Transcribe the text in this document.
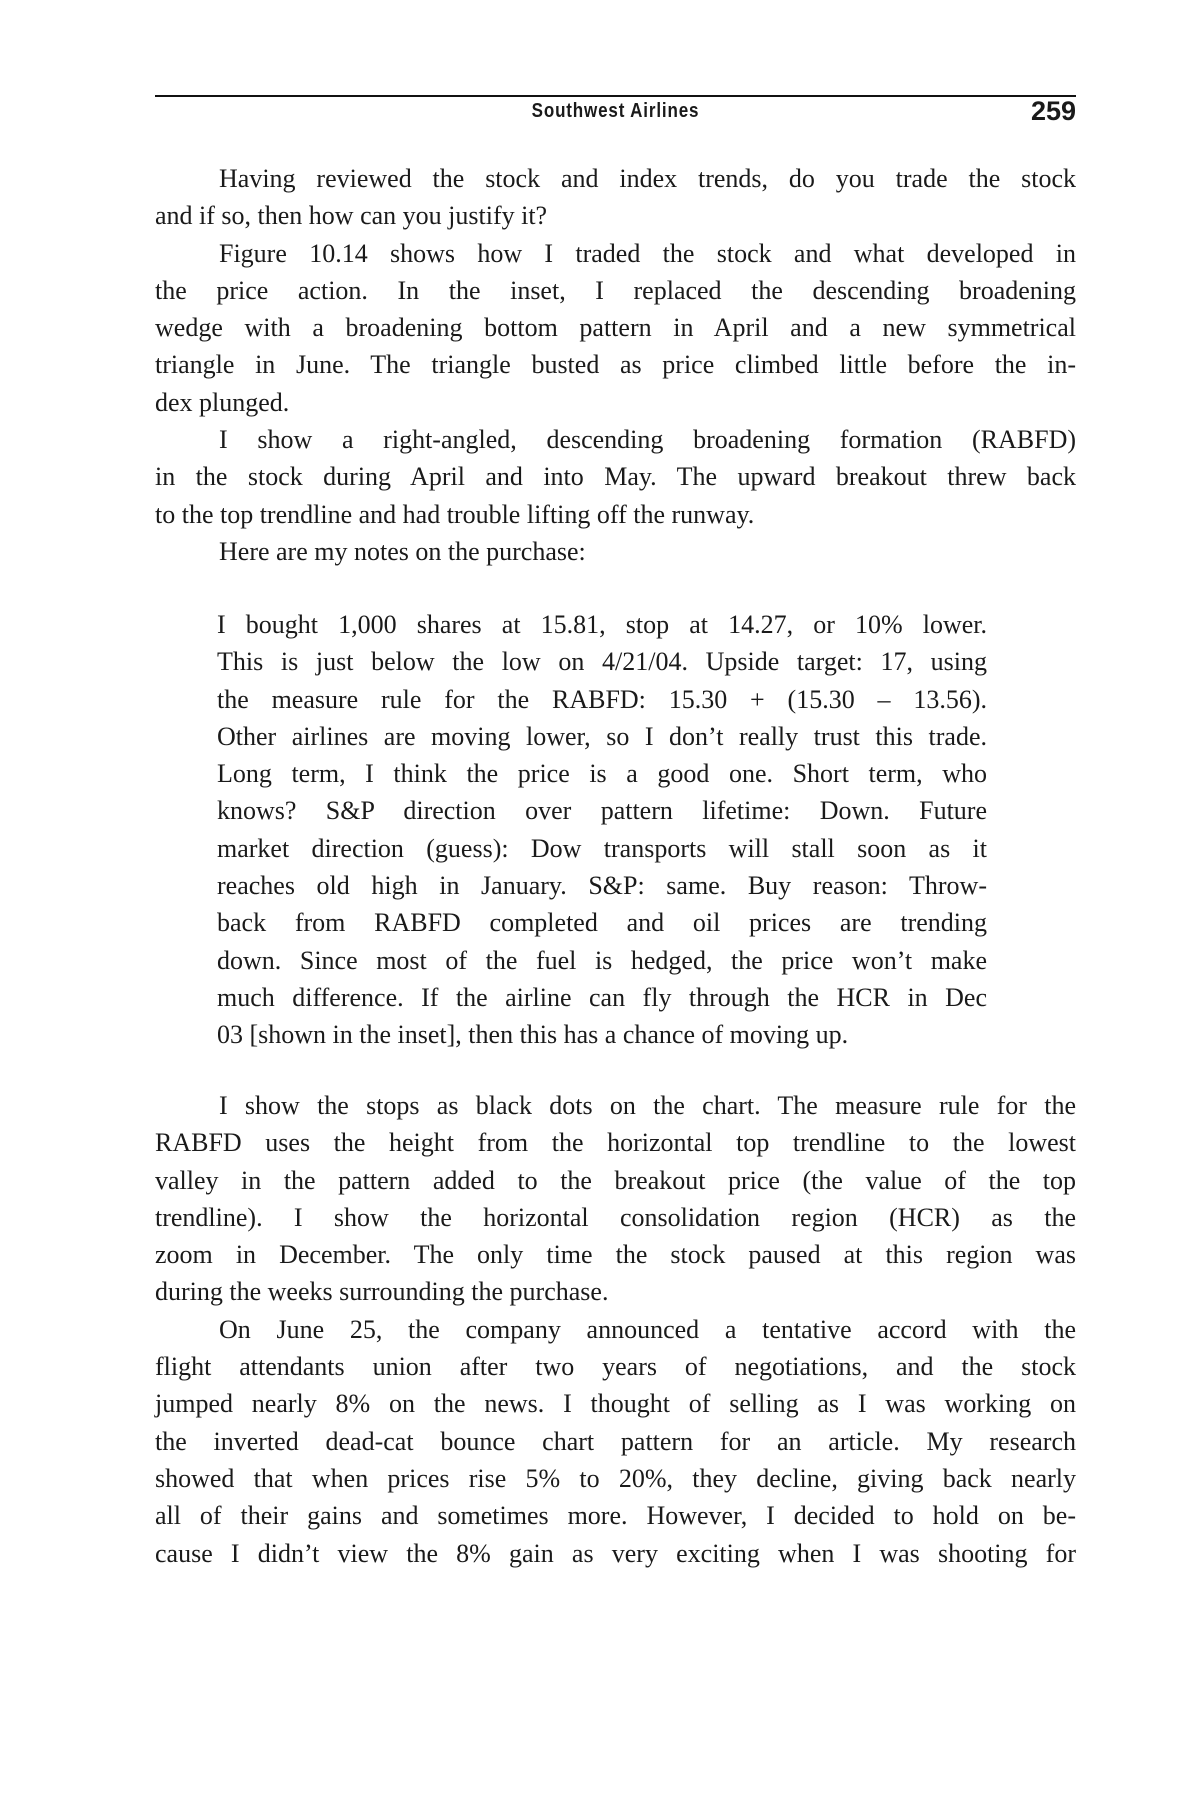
Southwest Airlines	259
Having reviewed the stock and index trends, do you trade the stock
and if so, then how can you justify it?
Figure 10.14 shows how I traded the stock and what developed in
the price action. In the inset, I replaced the descending broadening
wedge with a broadening bottom pattern in April and a new symmetrical
triangle in June. The triangle busted as price climbed little before the in-
dex plunged.
I show a right-angled, descending broadening formation (RABFD)
in the stock during April and into May. The upward breakout threw back
to the top trendline and had trouble lifting off the runway.
Here are my notes on the purchase:
I bought 1,000 shares at 15.81, stop at 14.27, or 10% lower.
This is just below the low on 4/21/04. Upside target: 17, using
the measure rule for the RABFD: 15.30 + (15.30 – 13.56).
Other airlines are moving lower, so I don’t really trust this trade.
Long term, I think the price is a good one. Short term, who
knows? S&P direction over pattern lifetime: Down. Future
market direction (guess): Dow transports will stall soon as it
reaches old high in January. S&P: same. Buy reason: Throw-
back from RABFD completed and oil prices are trending
down. Since most of the fuel is hedged, the price won’t make
much difference. If the airline can fly through the HCR in Dec
03 [shown in the inset], then this has a chance of moving up.
I show the stops as black dots on the chart. The measure rule for the
RABFD uses the height from the horizontal top trendline to the lowest
valley in the pattern added to the breakout price (the value of the top
trendline). I show the horizontal consolidation region (HCR) as the
zoom in December. The only time the stock paused at this region was
during the weeks surrounding the purchase.
On June 25, the company announced a tentative accord with the
flight attendants union after two years of negotiations, and the stock
jumped nearly 8% on the news. I thought of selling as I was working on
the inverted dead-cat bounce chart pattern for an article. My research
showed that when prices rise 5% to 20%, they decline, giving back nearly
all of their gains and sometimes more. However, I decided to hold on be-
cause I didn’t view the 8% gain as very exciting when I was shooting for
